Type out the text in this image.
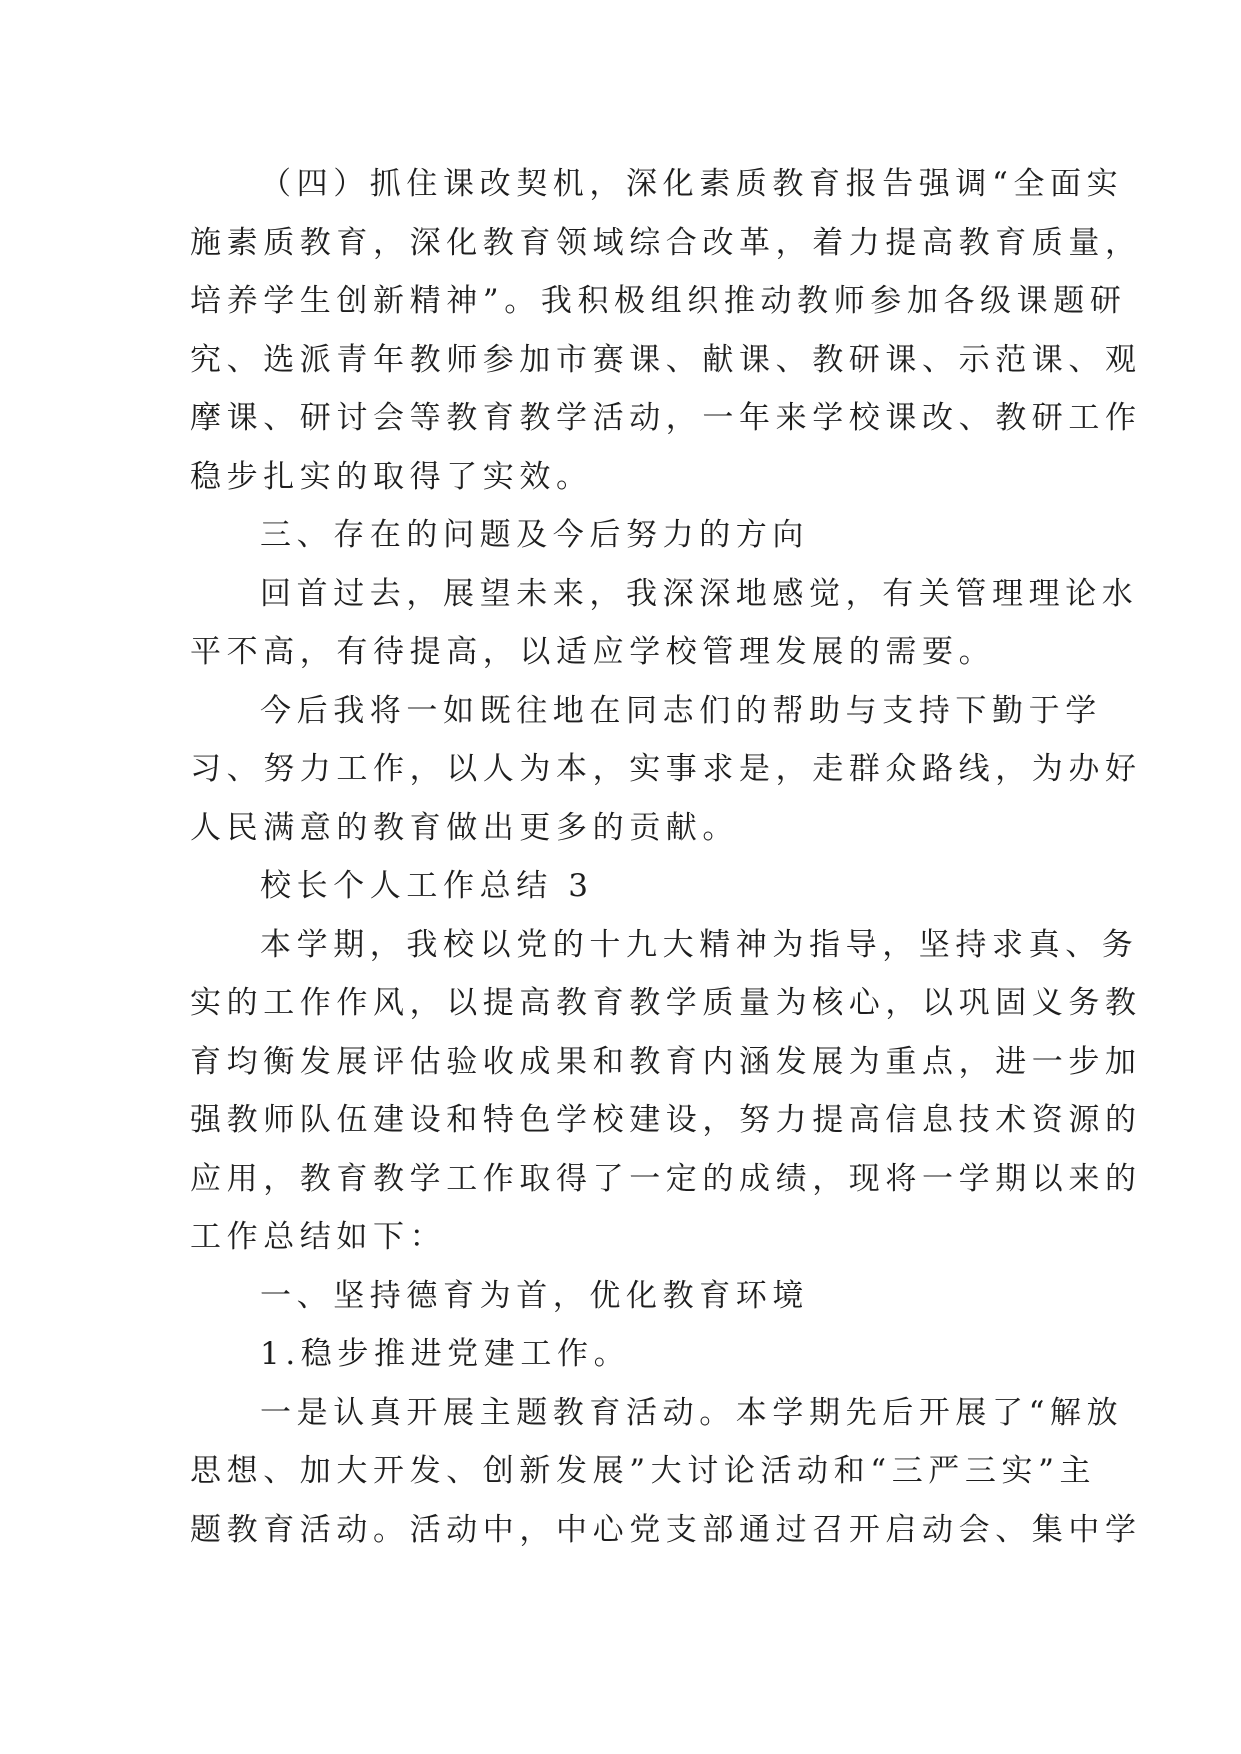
（四）抓住课改契机，深化素质教育报告强调“全面实
施素质教育，深化教育领域综合改革，着力提高教育质量，
培养学生创新精神”。我积极组织推动教师参加各级课题研
究、选派青年教师参加市赛课、献课、教研课、示范课、观
摩课、研讨会等教育教学活动，一年来学校课改、教研工作
稳步扎实的取得了实效。
三、存在的问题及今后努力的方向
回首过去，展望未来，我深深地感觉，有关管理理论水
平不高，有待提高，以适应学校管理发展的需要。
今后我将一如既往地在同志们的帮助与支持下勤于学
习、努力工作，以人为本，实事求是，走群众路线，为办好
人民满意的教育做出更多的贡献。
校长个人工作总结 3
本学期，我校以党的十九大精神为指导，坚持求真、务
实的工作作风，以提高教育教学质量为核心，以巩固义务教
育均衡发展评估验收成果和教育内涵发展为重点，进一步加
强教师队伍建设和特色学校建设，努力提高信息技术资源的
应用，教育教学工作取得了一定的成绩，现将一学期以来的
工作总结如下：
一、坚持德育为首，优化教育环境
1.稳步推进党建工作。
一是认真开展主题教育活动。本学期先后开展了“解放
思想、加大开发、创新发展”大讨论活动和“三严三实”主
题教育活动。活动中，中心党支部通过召开启动会、集中学
